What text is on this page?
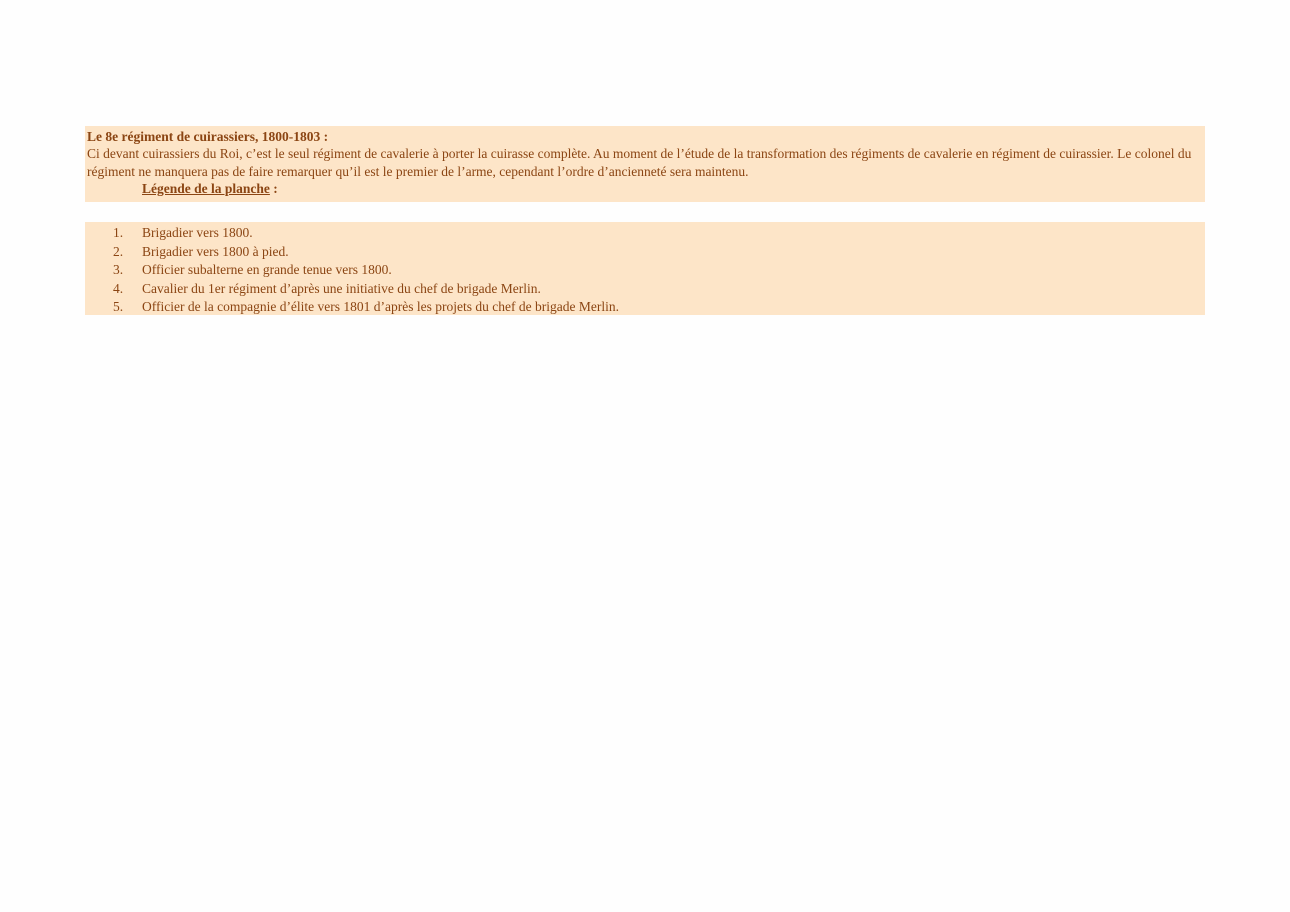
Le 8e régiment de cuirassiers, 1800-1803 :
Ci devant cuirassiers du Roi, c’est le seul régiment de cavalerie à porter la cuirasse complète. Au moment de l’étude de la transformation des régiments de cavalerie en régiment de cuirassier. Le colonel du régiment ne manquera pas de faire remarquer qu’il est le premier de l’arme, cependant l’ordre d’ancienneté sera maintenu.
Légende de la planche :
1. Brigadier vers 1800.
2. Brigadier vers 1800 à pied.
3. Officier subalterne en grande tenue vers 1800.
4. Cavalier du 1er régiment d’après une initiative du chef de brigade Merlin.
5. Officier de la compagnie d’élite vers 1801 d’après les projets du chef de brigade Merlin.
